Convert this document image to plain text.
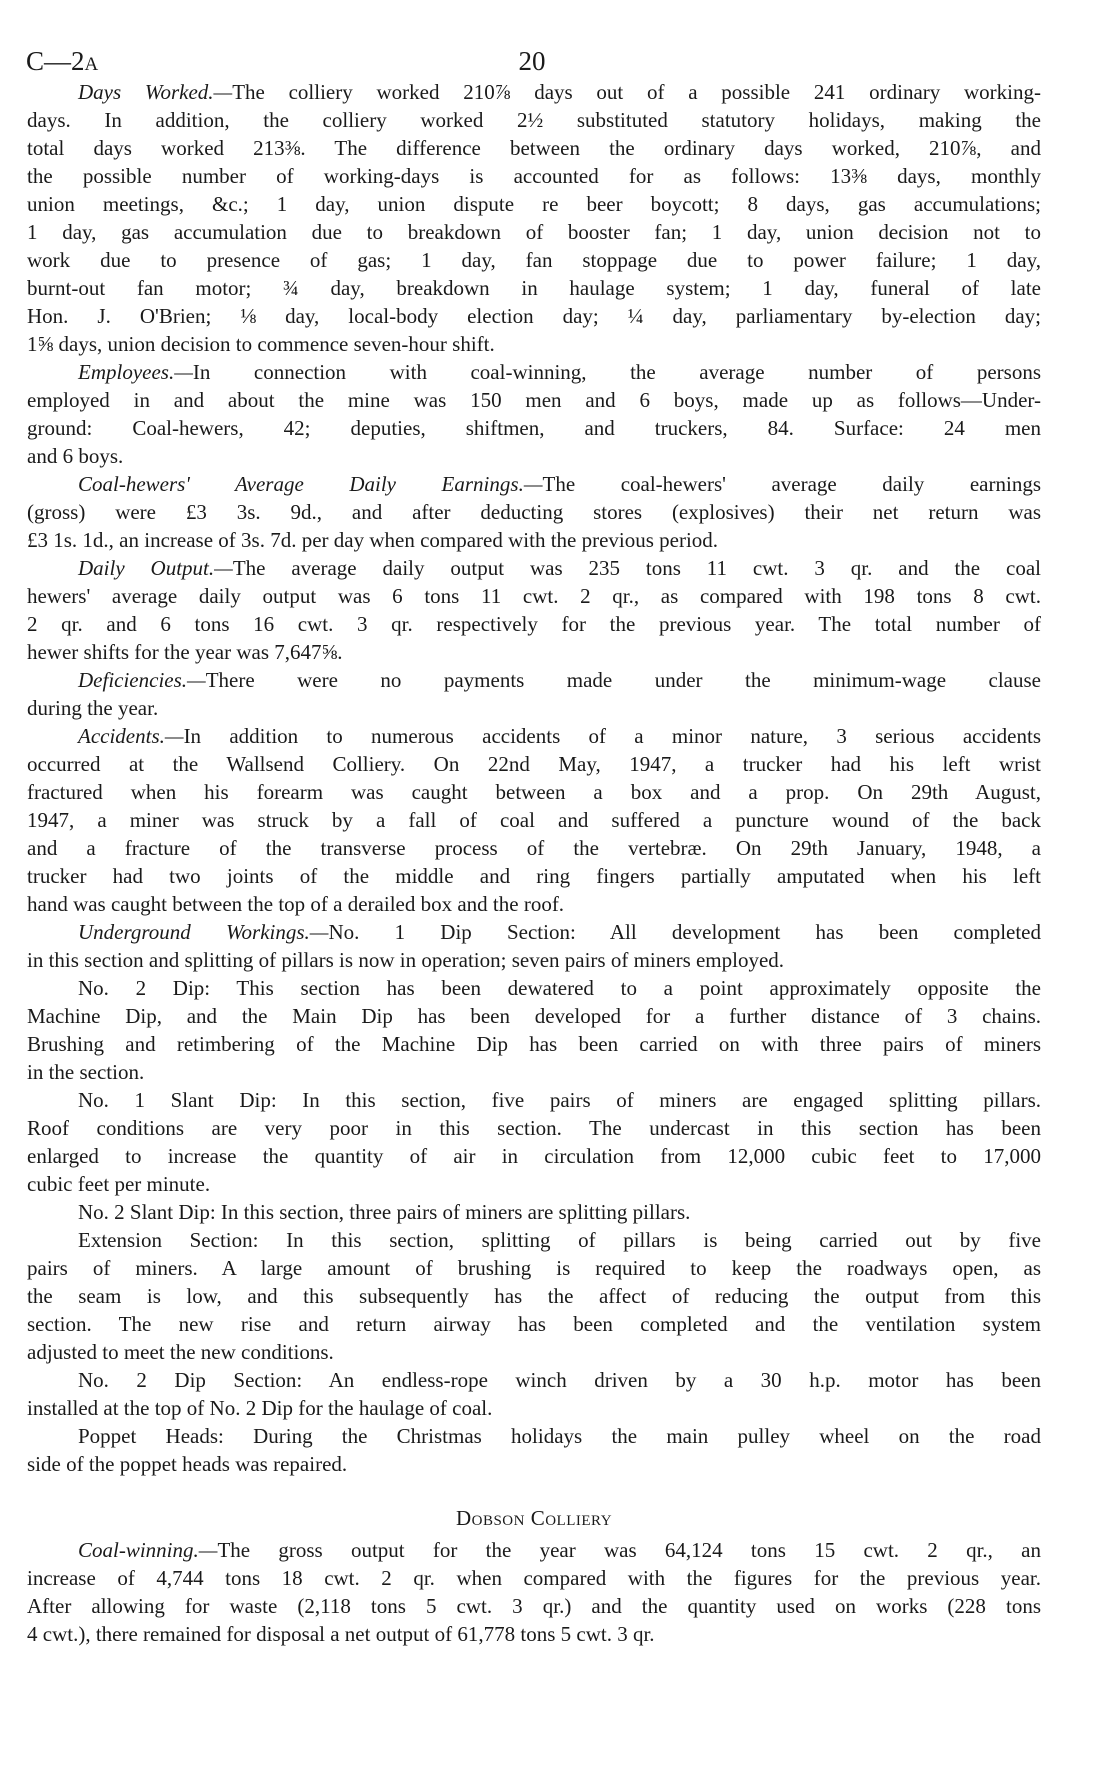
C—2A	20
Days Worked.—The colliery worked 210⅞ days out of a possible 241 ordinary working-
days. In addition, the colliery worked 2½ substituted statutory holidays, making the
total days worked 213⅜. The difference between the ordinary days worked, 210⅞, and
the possible number of working-days is accounted for as follows: 13⅜ days, monthly
union meetings, &c.; 1 day, union dispute re beer boycott; 8 days, gas accumulations;
1 day, gas accumulation due to breakdown of booster fan; 1 day, union decision not to
work due to presence of gas; 1 day, fan stoppage due to power failure; 1 day,
burnt-out fan motor; ¾ day, breakdown in haulage system; 1 day, funeral of late
Hon. J. O'Brien; ⅛ day, local-body election day; ¼ day, parliamentary by-election day;
1⅝ days, union decision to commence seven-hour shift.
Employees.—In connection with coal-winning, the average number of persons
employed in and about the mine was 150 men and 6 boys, made up as follows—Under-
ground: Coal-hewers, 42; deputies, shiftmen, and truckers, 84. Surface: 24 men
and 6 boys.
Coal-hewers' Average Daily Earnings.—The coal-hewers' average daily earnings
(gross) were £3 3s. 9d., and after deducting stores (explosives) their net return was
£3 1s. 1d., an increase of 3s. 7d. per day when compared with the previous period.
Daily Output.—The average daily output was 235 tons 11 cwt. 3 qr. and the coal
hewers' average daily output was 6 tons 11 cwt. 2 qr., as compared with 198 tons 8 cwt.
2 qr. and 6 tons 16 cwt. 3 qr. respectively for the previous year. The total number of
hewer shifts for the year was 7,647⅝.
Deficiencies.—There were no payments made under the minimum-wage clause
during the year.
Accidents.—In addition to numerous accidents of a minor nature, 3 serious accidents
occurred at the Wallsend Colliery. On 22nd May, 1947, a trucker had his left wrist
fractured when his forearm was caught between a box and a prop. On 29th August,
1947, a miner was struck by a fall of coal and suffered a puncture wound of the back
and a fracture of the transverse process of the vertebræ. On 29th January, 1948, a
trucker had two joints of the middle and ring fingers partially amputated when his left
hand was caught between the top of a derailed box and the roof.
Underground Workings.—No. 1 Dip Section: All development has been completed
in this section and splitting of pillars is now in operation; seven pairs of miners employed.
No. 2 Dip: This section has been dewatered to a point approximately opposite the
Machine Dip, and the Main Dip has been developed for a further distance of 3 chains.
Brushing and retimbering of the Machine Dip has been carried on with three pairs of miners
in the section.
No. 1 Slant Dip: In this section, five pairs of miners are engaged splitting pillars.
Roof conditions are very poor in this section. The undercast in this section has been
enlarged to increase the quantity of air in circulation from 12,000 cubic feet to 17,000
cubic feet per minute.
No. 2 Slant Dip: In this section, three pairs of miners are splitting pillars.
Extension Section: In this section, splitting of pillars is being carried out by five
pairs of miners. A large amount of brushing is required to keep the roadways open, as
the seam is low, and this subsequently has the affect of reducing the output from this
section. The new rise and return airway has been completed and the ventilation system
adjusted to meet the new conditions.
No. 2 Dip Section: An endless-rope winch driven by a 30 h.p. motor has been
installed at the top of No. 2 Dip for the haulage of coal.
Poppet Heads: During the Christmas holidays the main pulley wheel on the road
side of the poppet heads was repaired.
Dobson Colliery
Coal-winning.—The gross output for the year was 64,124 tons 15 cwt. 2 qr., an
increase of 4,744 tons 18 cwt. 2 qr. when compared with the figures for the previous year.
After allowing for waste (2,118 tons 5 cwt. 3 qr.) and the quantity used on works (228 tons
4 cwt.), there remained for disposal a net output of 61,778 tons 5 cwt. 3 qr.
